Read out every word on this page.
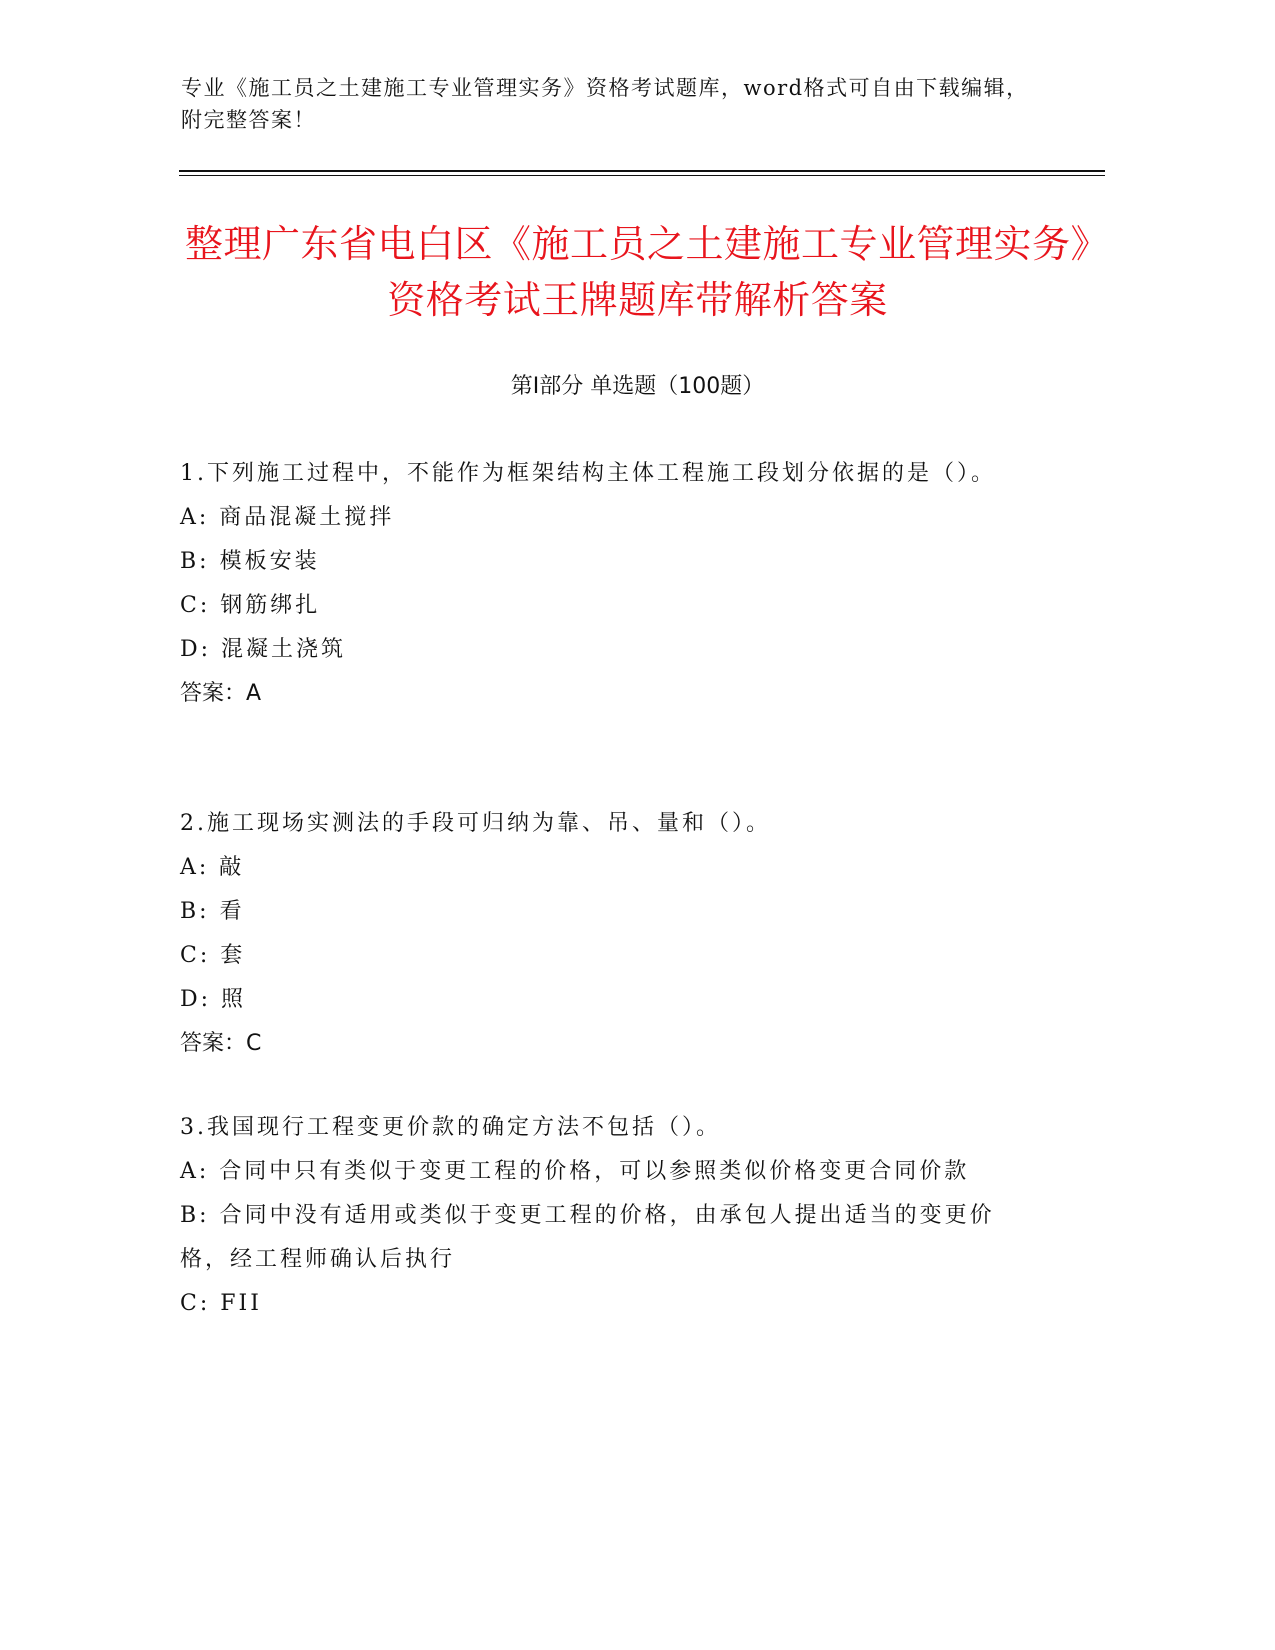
专业《施工员之土建施工专业管理实务》资格考试题库，word格式可自由下载编辑，附完整答案！
整理广东省电白区《施工员之土建施工专业管理实务》资格考试王牌题库带解析答案
第Ⅰ部分 单选题（100题）

1.下列施工过程中，不能作为框架结构主体工程施工段划分依据的是（）。

A: 商品混凝土搅拌

B: 模板安装

C: 钢筋绑扎

D: 混凝土浇筑

答案：A

2.施工现场实测法的手段可归纳为靠、吊、量和（）。

A: 敲

B: 看

C: 套

D: 照

答案：C

3.我国现行工程变更价款的确定方法不包括（）。

A: 合同中只有类似于变更工程的价格，可以参照类似价格变更合同价款

B: 合同中没有适用或类似于变更工程的价格，由承包人提出适当的变更价格，经工程师确认后执行

C: FII
